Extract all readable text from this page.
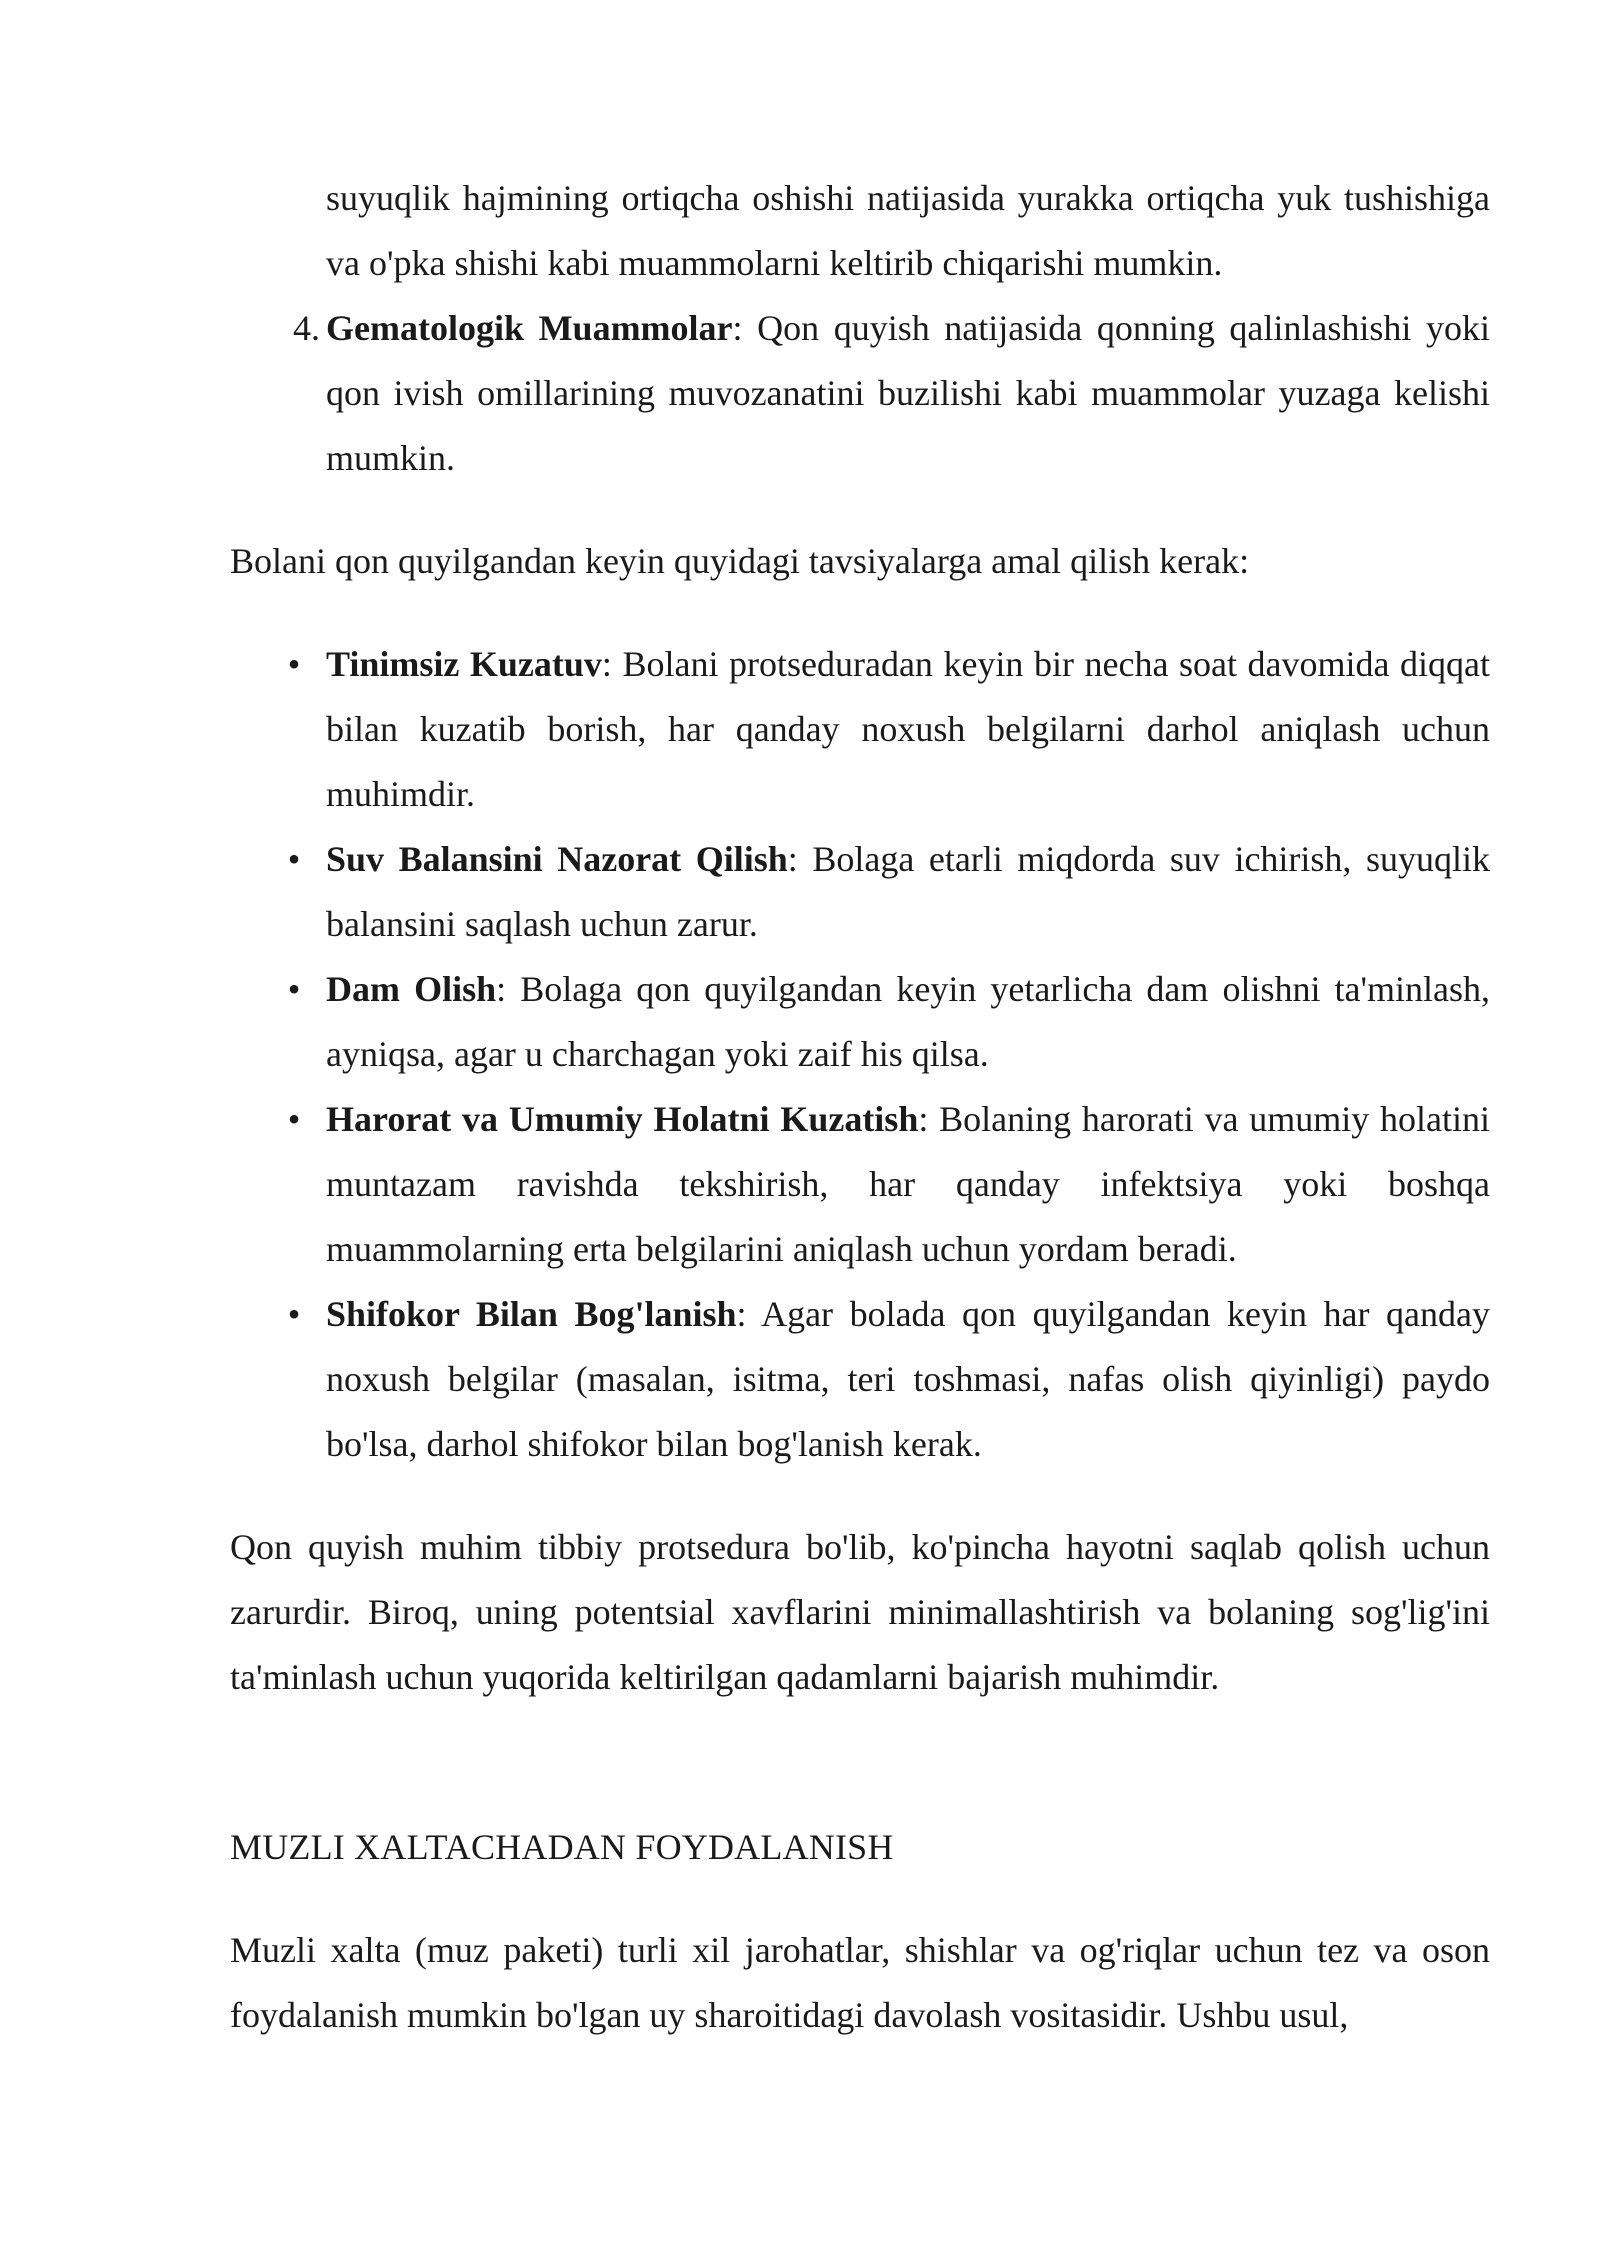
suyuqlik hajmining ortiqcha oshishi natijasida yurakka ortiqcha yuk tushishiga va o'pka shishi kabi muammolarni keltirib chiqarishi mumkin.
4. Gematologik Muammolar: Qon quyish natijasida qonning qalinlashishi yoki qon ivish omillarining muvozanatini buzilishi kabi muammolar yuzaga kelishi mumkin.

Bolani qon quyilgandan keyin quyidagi tavsiyalarga amal qilish kerak:

• Tinimsiz Kuzatuv: Bolani protseduradan keyin bir necha soat davomida diqqat bilan kuzatib borish, har qanday noxush belgilarni darhol aniqlash uchun muhimdir.
• Suv Balansini Nazorat Qilish: Bolaga etarli miqdorda suv ichirish, suyuqlik balansini saqlash uchun zarur.
• Dam Olish: Bolaga qon quyilgandan keyin yetarlicha dam olishni ta'minlash, ayniqsa, agar u charchagan yoki zaif his qilsa.
• Harorat va Umumiy Holatni Kuzatish: Bolaning harorati va umumiy holatini muntazam ravishda tekshirish, har qanday infektsiya yoki boshqa muammolarning erta belgilarini aniqlash uchun yordam beradi.
• Shifokor Bilan Bog'lanish: Agar bolada qon quyilgandan keyin har qanday noxush belgilar (masalan, isitma, teri toshmasi, nafas olish qiyinligi) paydo bo'lsa, darhol shifokor bilan bog'lanish kerak.

Qon quyish muhim tibbiy protsedura bo'lib, ko'pincha hayotni saqlab qolish uchun zarurdir. Biroq, uning potentsial xavflarini minimallashtirish va bolaning sog'lig'ini ta'minlash uchun yuqorida keltirilgan qadamlarni bajarish muhimdir.

MUZLI XALTACHADAN FOYDALANISH

Muzli xalta (muz paketi) turli xil jarohatlar, shishlar va og'riqlar uchun tez va oson foydalanish mumkin bo'lgan uy sharoitidagi davolash vositasidir. Ushbu usul,
